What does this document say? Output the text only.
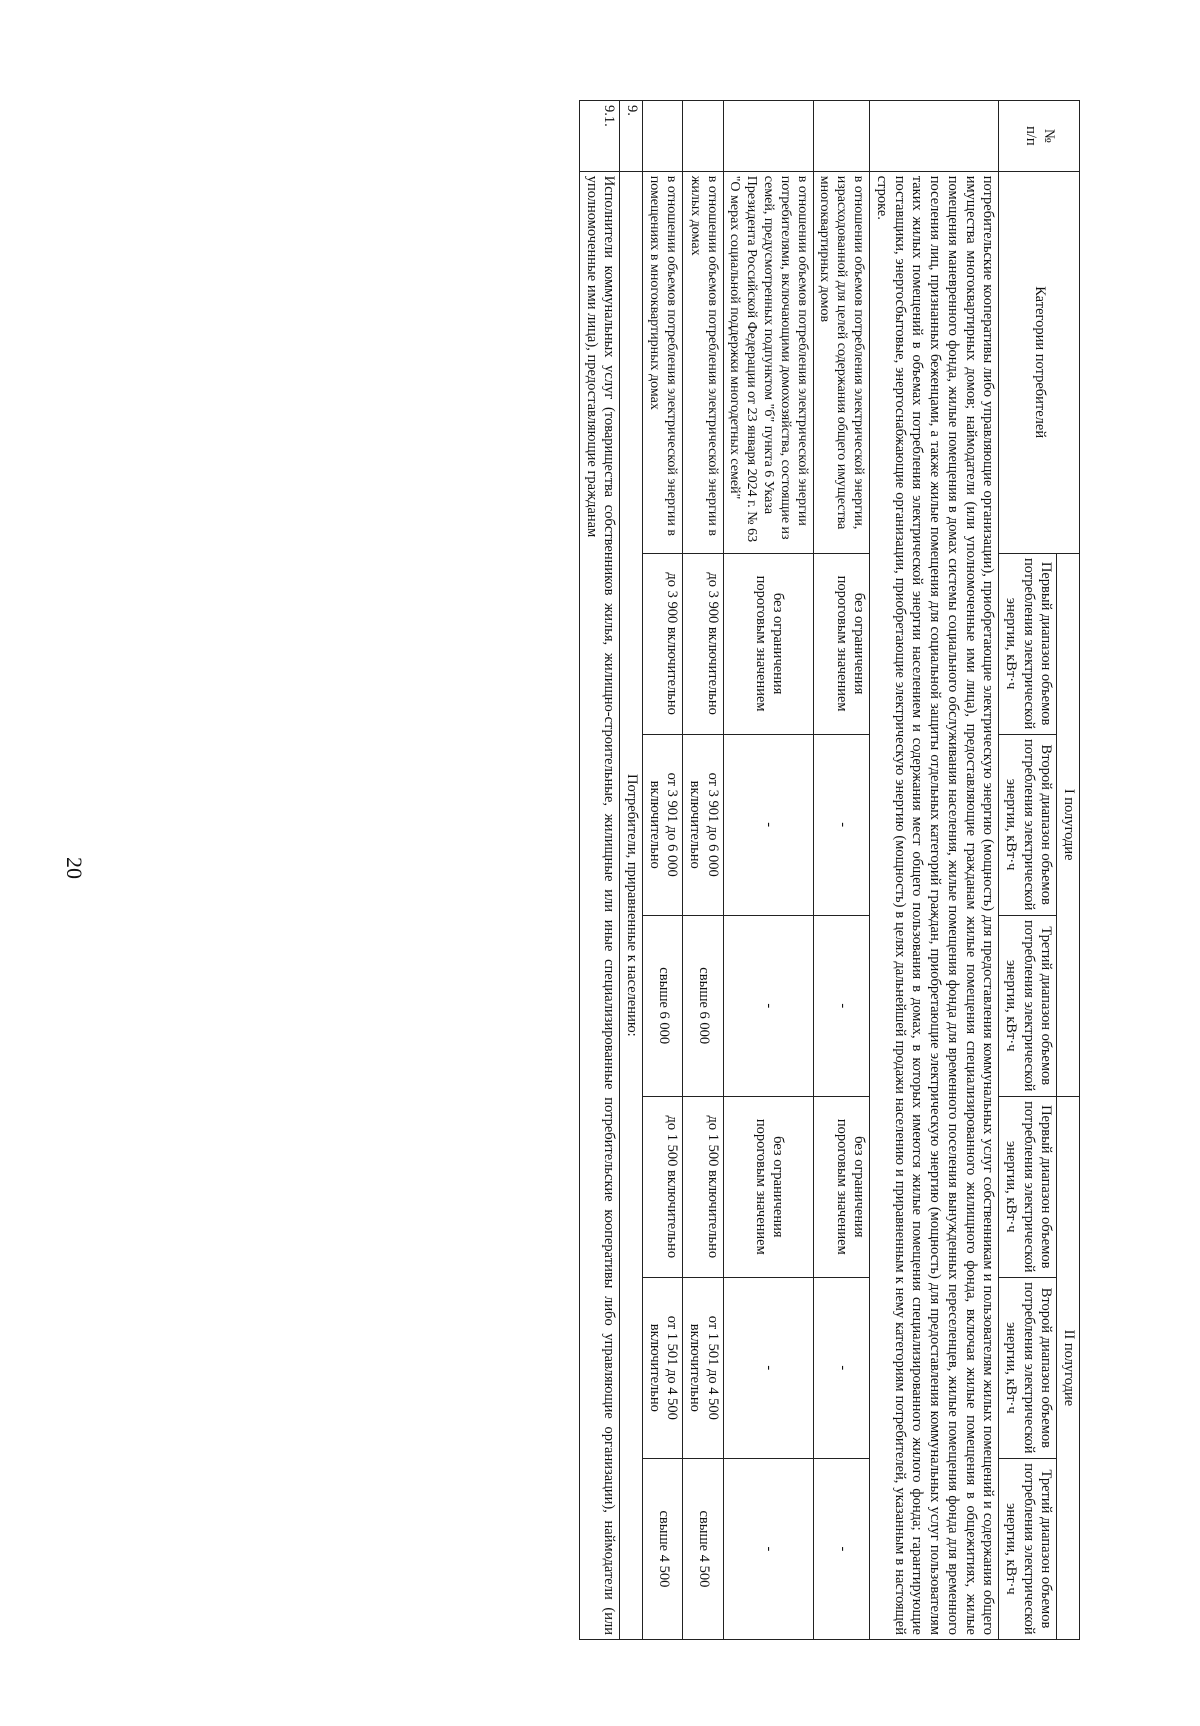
20
№
п/п	Категории потребителей	I полугодие			II полугодие		
		Первый диапазон объемов потребления электрической энергии, кВт·ч	Второй диапазон объемов потребления электрической энергии, кВт·ч	Третий диапазон объемов потребления электрической энергии, кВт·ч	Первый диапазон объемов потребления электрической энергии, кВт·ч	Второй диапазон объемов потребления электрической энергии, кВт·ч	Третий диапазон объемов потребления электрической энергии, кВт·ч
	потребительские кооперативы либо управляющие организации), приобретающие электрическую энергию (мощность) для предоставления коммунальных услуг собственникам и пользователям жилых помещений и содержания общего имущества многоквартирных домов; наймодатели (или уполномоченные ими лица), предоставляющие гражданам жилые помещения специализированного жилищного фонда, включая жилые помещения в общежитиях, жилые помещения маневренного фонда, жилые помещения в домах системы социального обслуживания населения, жилые помещения фонда для временного поселения вынужденных переселенцев, жилые помещения фонда для временного поселения лиц, признанных беженцами, а также жилые помещения для социальной защиты отдельных категорий граждан, приобретающие электрическую энергию (мощность) для предоставления коммунальных услуг пользователям таких жилых помещений в объемах потребления электрической энергии населением и содержания мест общего пользования в домах, в которых имеются жилые помещения специализированного жилого фонда; гарантирующие поставщики, энергосбытовые, энергоснабжающие организации, приобретающие электрическую энергию (мощность) в целях дальнейшей продажи населению и приравненным к нему категориям потребителей, указанным в настоящей строке.						
	в отношении объемов потребления электрической энергии, израсходованной для целей содержания общего имущества многоквартирных домов	без ограничения пороговым значением	-	-	без ограничения пороговым значением	-	-
	в отношении объемов потребления электрической энергии потребителями, включающими домохозяйства, состоящие из семей, предусмотренных подпунктом "б" пункта 6 Указа Президента Российской Федерации от 23 января 2024 г. № 63 "О мерах социальной поддержки многодетных семей"	без ограничения пороговым значением	-	-	без ограничения пороговым значением	-	-
	в отношении объемов потребления электрической энергии в жилых домах	до 3 900 включительно	от 3 901 до 6 000 включительно	свыше 6 000	до 1 500 включительно	от 1 501 до 4 500 включительно	свыше 4 500
	в отношении объемов потребления электрической энергии в помещениях в многоквартирных домах	до 3 900 включительно	от 3 901 до 6 000 включительно	свыше 6 000	до 1 500 включительно	от 1 501 до 4 500 включительно	свыше 4 500
9.	Потребители, приравненные к населению:						
9.1.	Исполнители коммунальных услуг (товарищества собственников жилья, жилищно-строительные, жилищные или иные специализированные потребительские кооперативы либо управляющие организации), наймодатели (или уполномоченные ими лица), предоставляющие гражданам						
